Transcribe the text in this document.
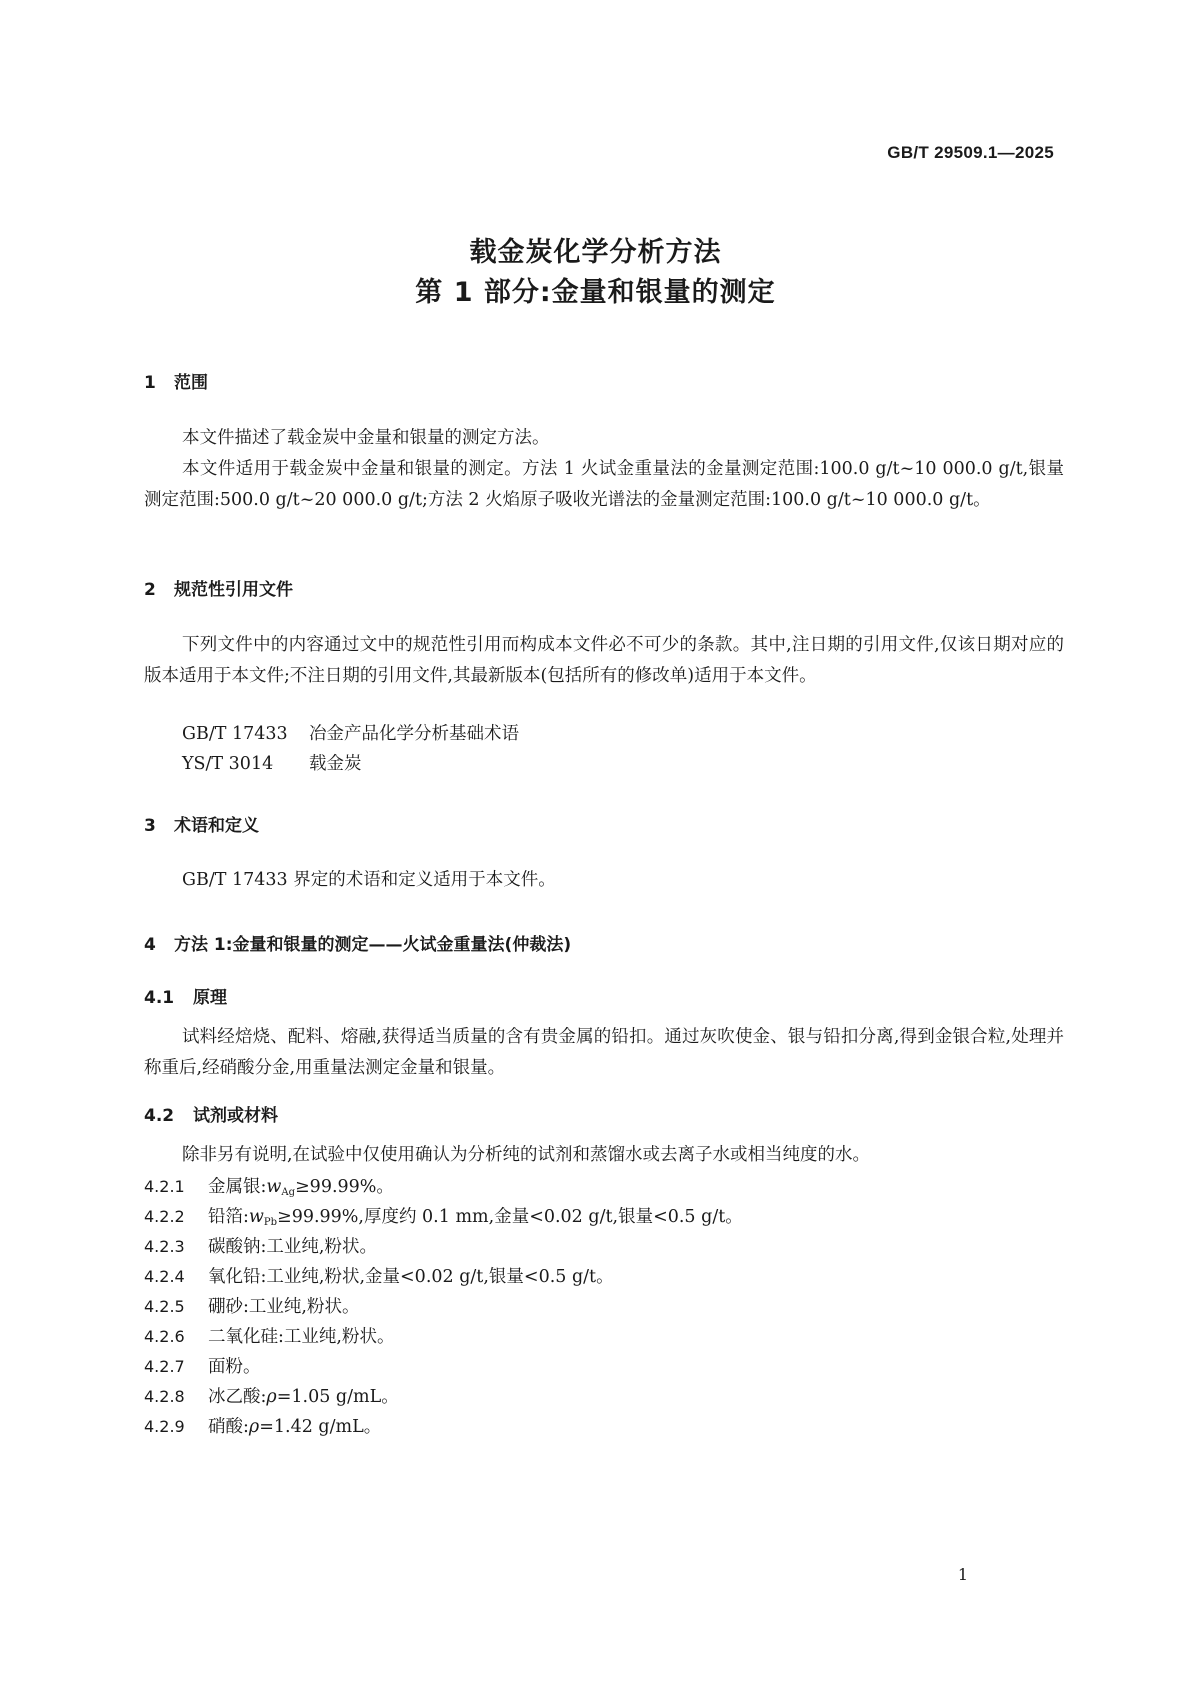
GB/T 29509.1—2025
载金炭化学分析方法
第 1 部分:金量和银量的测定
1 范围
本文件描述了载金炭中金量和银量的测定方法。
本文件适用于载金炭中金量和银量的测定。方法 1 火试金重量法的金量测定范围:100.0 g/t~10 000.0 g/t,银量测定范围:500.0 g/t~20 000.0 g/t;方法 2 火焰原子吸收光谱法的金量测定范围:100.0 g/t~10 000.0 g/t。
2 规范性引用文件
下列文件中的内容通过文中的规范性引用而构成本文件必不可少的条款。其中,注日期的引用文件,仅该日期对应的版本适用于本文件;不注日期的引用文件,其最新版本(包括所有的修改单)适用于本文件。
GB/T 17433 冶金产品化学分析基础术语
YS/T 3014 载金炭
3 术语和定义
GB/T 17433 界定的术语和定义适用于本文件。
4 方法 1:金量和银量的测定——火试金重量法(仲裁法)
4.1 原理
试料经焙烧、配料、熔融,获得适当质量的含有贵金属的铅扣。通过灰吹使金、银与铅扣分离,得到金银合粒,处理并称重后,经硝酸分金,用重量法测定金量和银量。
4.2 试剂或材料
除非另有说明,在试验中仅使用确认为分析纯的试剂和蒸馏水或去离子水或相当纯度的水。
4.2.1 金属银$:w_{Ag}\ge 99.99\%$。
4.2.2 铅箔$:w_{Pb}\ge 99.99\%$,厚度约 0.1 mm,金量<0.02 g/t,银量<0.5 g/t。
4.2.3 碳酸钠:工业纯,粉状。
4.2.4 氧化铅:工业纯,粉状,金量<0.02 g/t,银量<0.5 g/t。
4.2.5 硼砂:工业纯,粉状。
4.2.6 二氧化硅:工业纯,粉状。
4.2.7 面粉。
4.2.8 冰乙酸:ρ=1.05 g/mL。
4.2.9 硝酸:ρ=1.42 g/mL。
1
